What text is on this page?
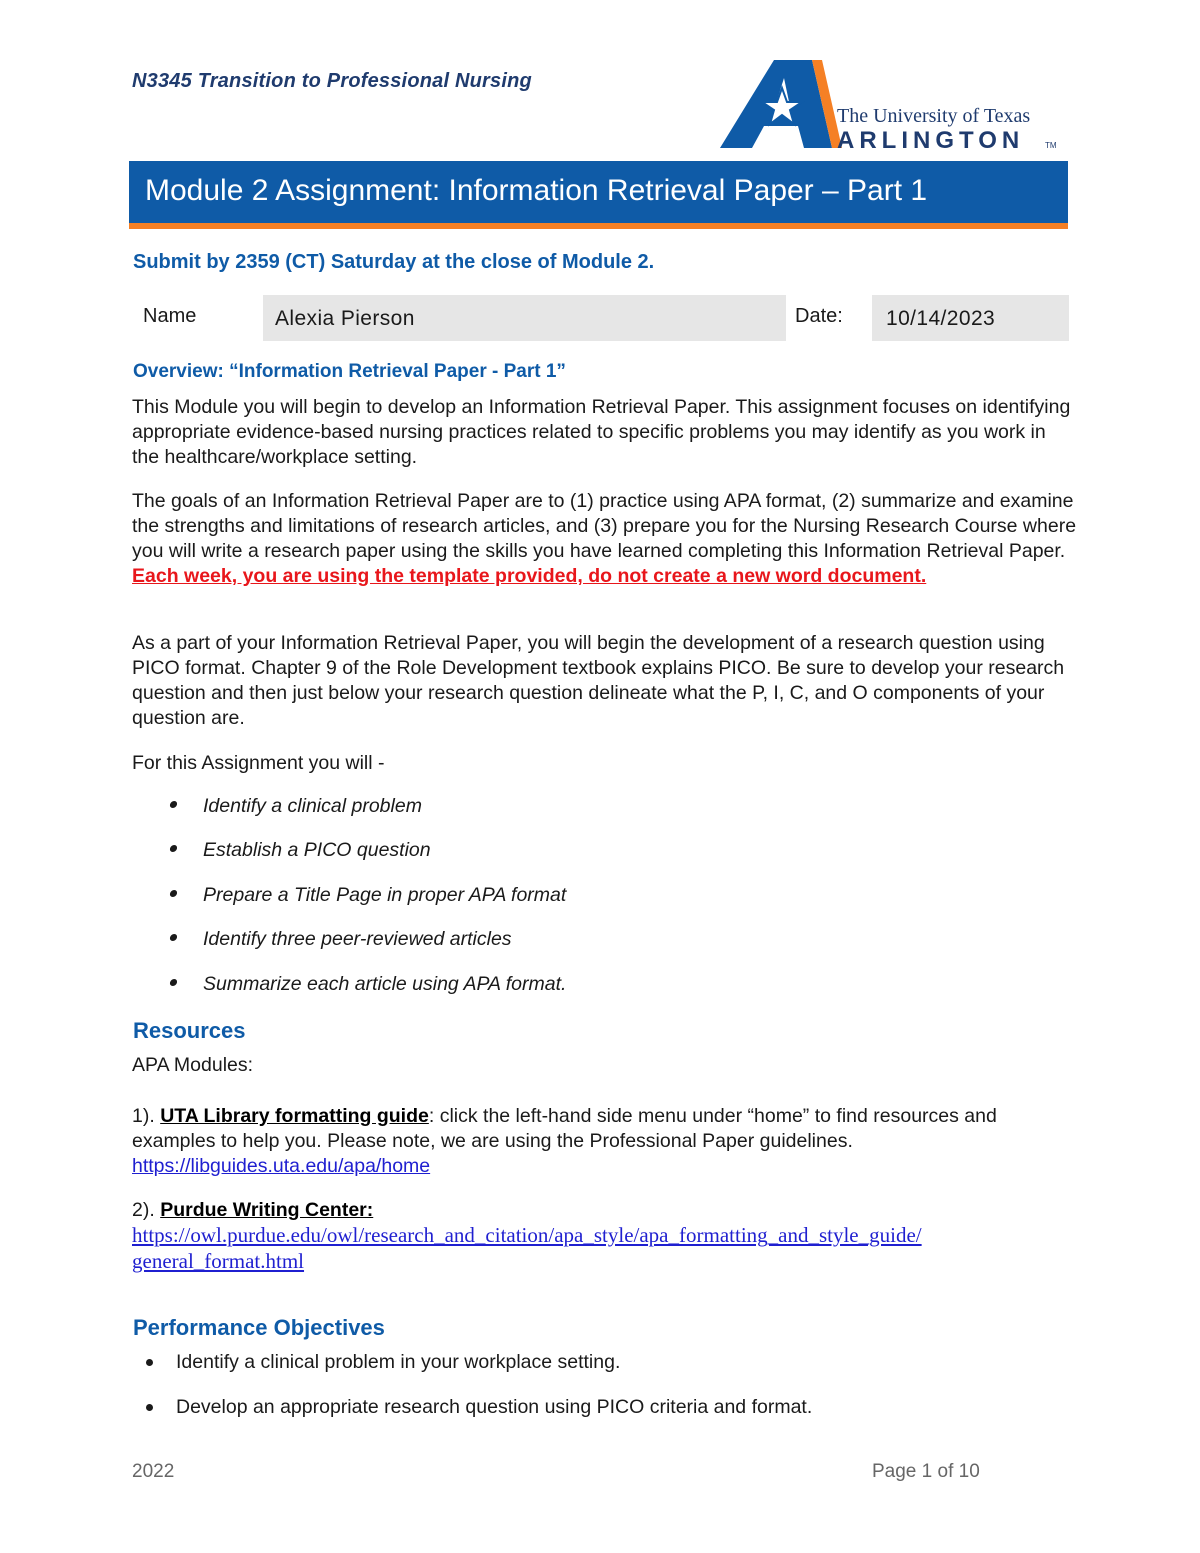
N3345 Transition to Professional Nursing
The University of Texas
ARLINGTON	TM
Module 2 Assignment: Information Retrieval Paper – Part 1
Submit by 2359 (CT) Saturday at the close of Module 2.
Name	Alexia Pierson	Date: 10/14/2023
Overview: “Information Retrieval Paper - Part 1”
This Module you will begin to develop an Information Retrieval Paper. This assignment focuses on identifying appropriate evidence-based nursing practices related to specific problems you may identify as you work in the healthcare/workplace setting.
The goals of an Information Retrieval Paper are to (1) practice using APA format, (2) summarize and examine the strengths and limitations of research articles, and (3) prepare you for the Nursing Research Course where you will write a research paper using the skills you have learned completing this Information Retrieval Paper. Each week, you are using the template provided, do not create a new word document.
As a part of your Information Retrieval Paper, you will begin the development of a research question using PICO format. Chapter 9 of the Role Development textbook explains PICO. Be sure to develop your research question and then just below your research question delineate what the P, I, C, and O components of your question are.
For this Assignment you will -
Identify a clinical problem
Establish a PICO question
Prepare a Title Page in proper APA format
Identify three peer-reviewed articles
Summarize each article using APA format.
Resources
APA Modules:
1). UTA Library formatting guide: click the left-hand side menu under “home” to find resources and examples to help you. Please note, we are using the Professional Paper guidelines.
https://libguides.uta.edu/apa/home
2). Purdue Writing Center:
https://owl.purdue.edu/owl/research_and_citation/apa_style/apa_formatting_and_style_guide/
general_format.html
Performance Objectives
Identify a clinical problem in your workplace setting.
Develop an appropriate research question using PICO criteria and format.
2022	Page 1 of 10
